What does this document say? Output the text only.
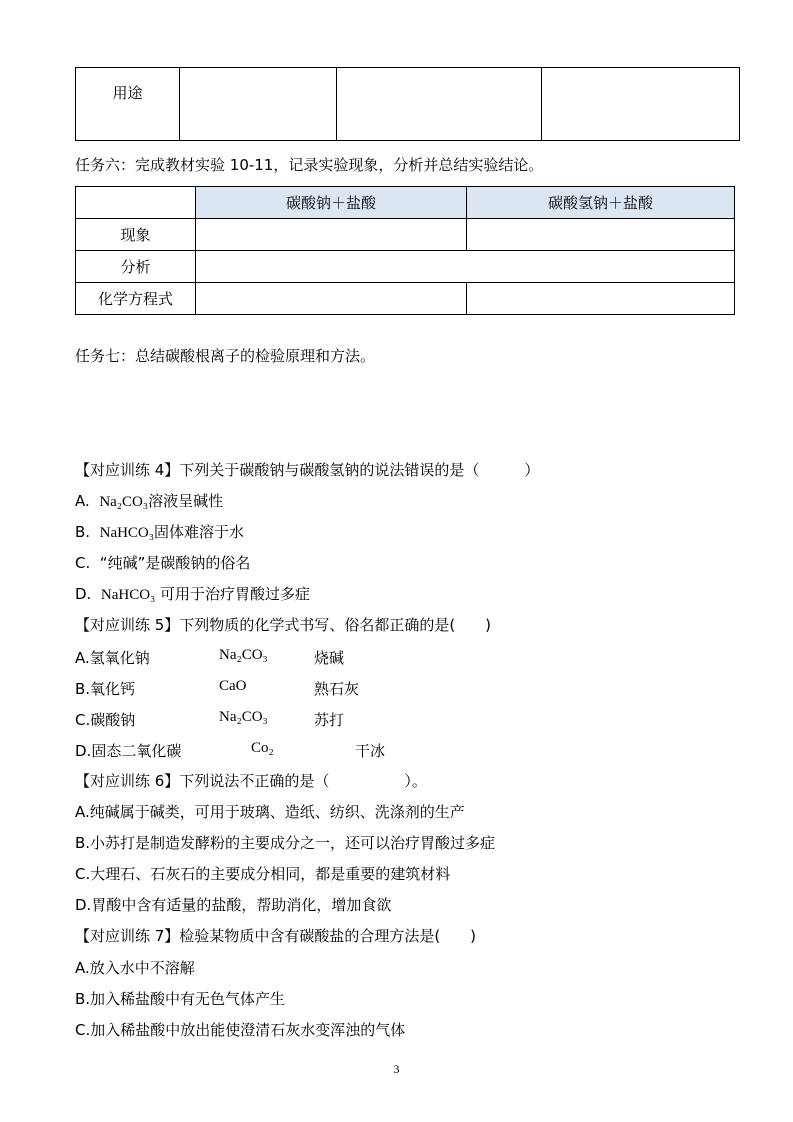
用途			
任务六：完成教材实验 10-11，记录实验现象，分析并总结实验结论。
	碳酸钠＋盐酸	碳酸氢钠＋盐酸
现象		
分析		
化学方程式		
任务七：总结碳酸根离子的检验原理和方法。
【对应训练 4】下列关于碳酸钠与碳酸氢钠的说法错误的是（　　　）
A. Na₂CO₃溶液呈碱性
B. NaHCO₃固体难溶于水
C. “纯碱”是碳酸钠的俗名
D. NaHCO₃ 可用于治疗胃酸过多症
【对应训练 5】下列物质的化学式书写、俗名都正确的是(　　)
A.氢氧化钠	Na₂CO₃	烧碱
B.氧化钙	CaO	熟石灰
C.碳酸钠	Na₂CO₃	苏打
D.固态二氧化碳	Co₂	干冰
【对应训练 6】下列说法不正确的是（　　　　　）。
A.纯碱属于碱类，可用于玻璃、造纸、纺织、洗涤剂的生产
B.小苏打是制造发酵粉的主要成分之一，还可以治疗胃酸过多症
C.大理石、石灰石的主要成分相同，都是重要的建筑材料
D.胃酸中含有适量的盐酸，帮助消化，增加食欲
【对应训练 7】检验某物质中含有碳酸盐的合理方法是(　　)
A.放入水中不溶解
B.加入稀盐酸中有无色气体产生
C.加入稀盐酸中放出能使澄清石灰水变浑浊的气体
3
